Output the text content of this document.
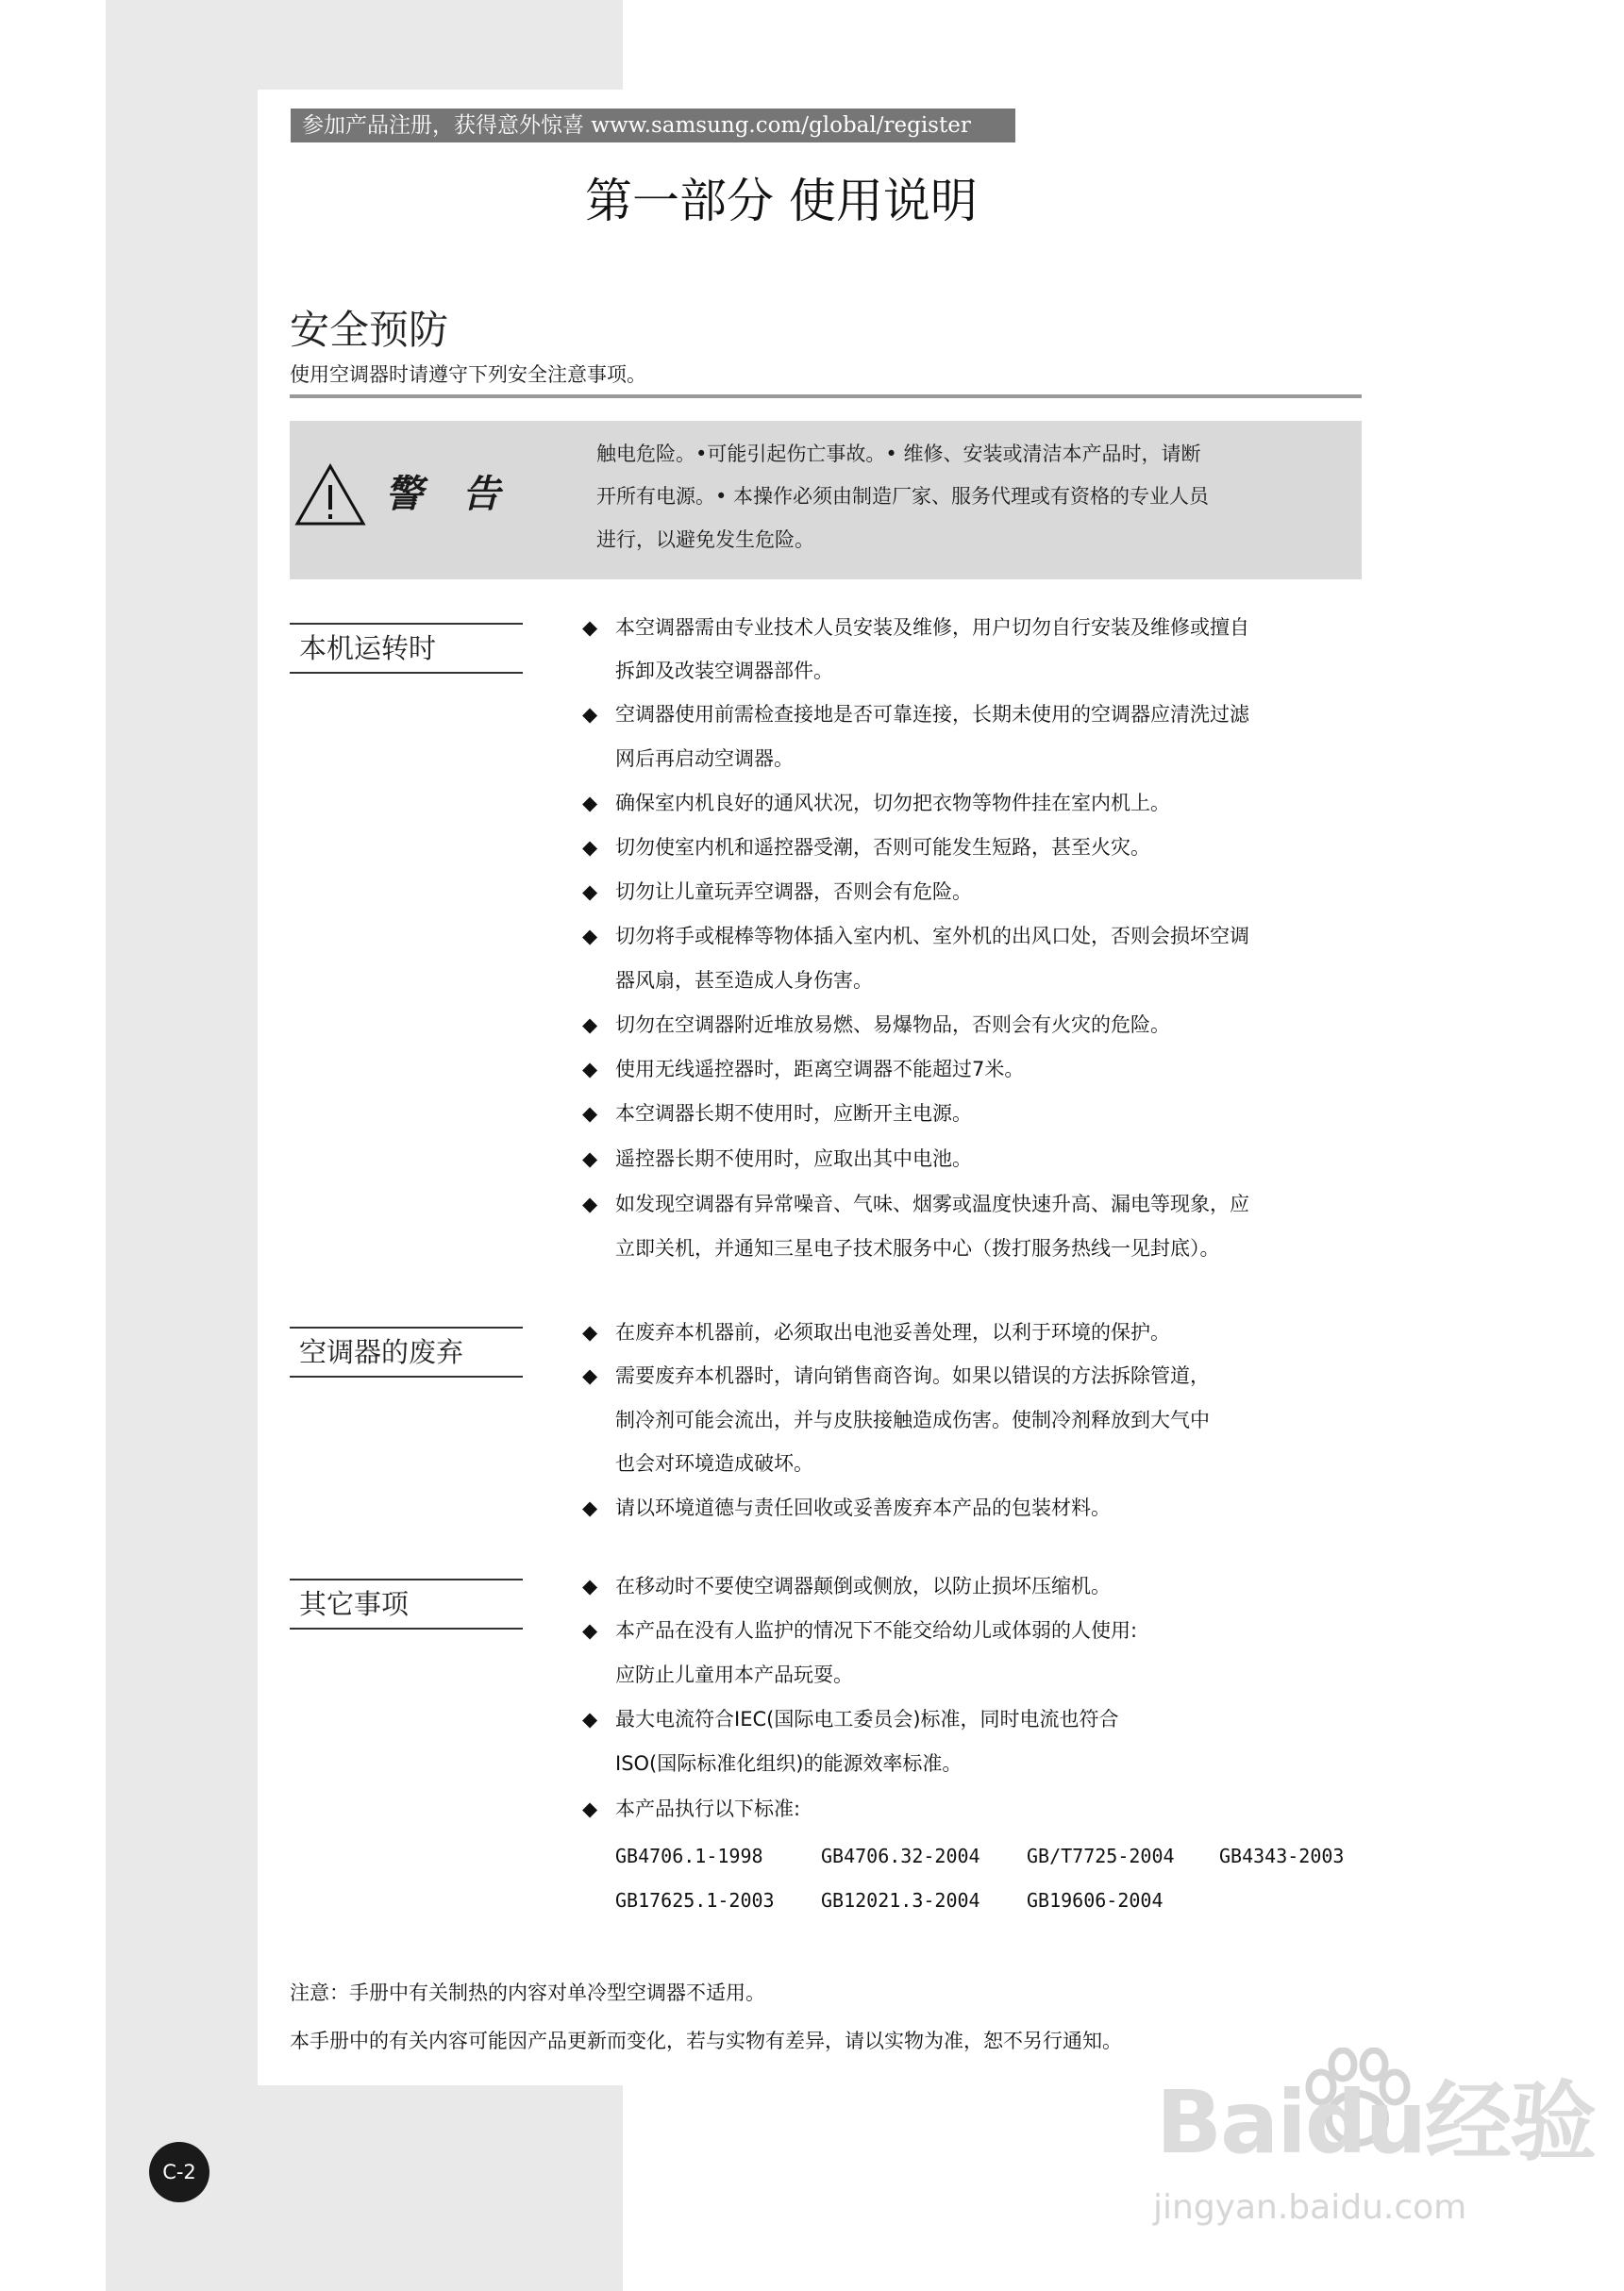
参加产品注册，获得意外惊喜 www.samsung.com/global/register
第一部分 使用说明
安全预防
使用空调器时请遵守下列安全注意事项。
警 告
触电危险。•可能引起伤亡事故。• 维修、安装或清洁本产品时，请断
开所有电源。• 本操作必须由制造厂家、服务代理或有资格的专业人员
进行，以避免发生危险。
本机运转时
◆ 本空调器需由专业技术人员安装及维修，用户切勿自行安装及维修或擅自
拆卸及改装空调器部件。
◆ 空调器使用前需检查接地是否可靠连接，长期未使用的空调器应清洗过滤
网后再启动空调器。
◆ 确保室内机良好的通风状况，切勿把衣物等物件挂在室内机上。
◆ 切勿使室内机和遥控器受潮，否则可能发生短路，甚至火灾。
◆ 切勿让儿童玩弄空调器，否则会有危险。
◆ 切勿将手或棍棒等物体插入室内机、室外机的出风口处，否则会损坏空调
器风扇，甚至造成人身伤害。
◆ 切勿在空调器附近堆放易燃、易爆物品，否则会有火灾的危险。
◆ 使用无线遥控器时，距离空调器不能超过7米。
◆ 本空调器长期不使用时，应断开主电源。
◆ 遥控器长期不使用时，应取出其中电池。
◆ 如发现空调器有异常噪音、气味、烟雾或温度快速升高、漏电等现象，应
立即关机，并通知三星电子技术服务中心（拨打服务热线一见封底）。
空调器的废弃
◆ 在废弃本机器前，必须取出电池妥善处理，以利于环境的保护。
◆ 需要废弃本机器时，请向销售商咨询。如果以错误的方法拆除管道，
制冷剂可能会流出，并与皮肤接触造成伤害。使制冷剂释放到大气中
也会对环境造成破坏。
◆ 请以环境道德与责任回收或妥善废弃本产品的包装材料。
其它事项
◆ 在移动时不要使空调器颠倒或侧放，以防止损坏压缩机。
◆ 本产品在没有人监护的情况下不能交给幼儿或体弱的人使用:
应防止儿童用本产品玩耍。
◆ 最大电流符合IEC(国际电工委员会)标准，同时电流也符合
ISO(国际标准化组织)的能源效率标准。
◆ 本产品执行以下标准:
GB4706.1-1998	GB4706.32-2004 GB/T7725-2004 GB4343-2003
GB17625.1-2003 GB12021.3-2004 GB19606-2004
注意：手册中有关制热的内容对单冷型空调器不适用。
本手册中的有关内容可能因产品更新而变化，若与实物有差异，请以实物为准，恕不另行通知。
C-2	Baidu经验
jingyan.baidu.com
